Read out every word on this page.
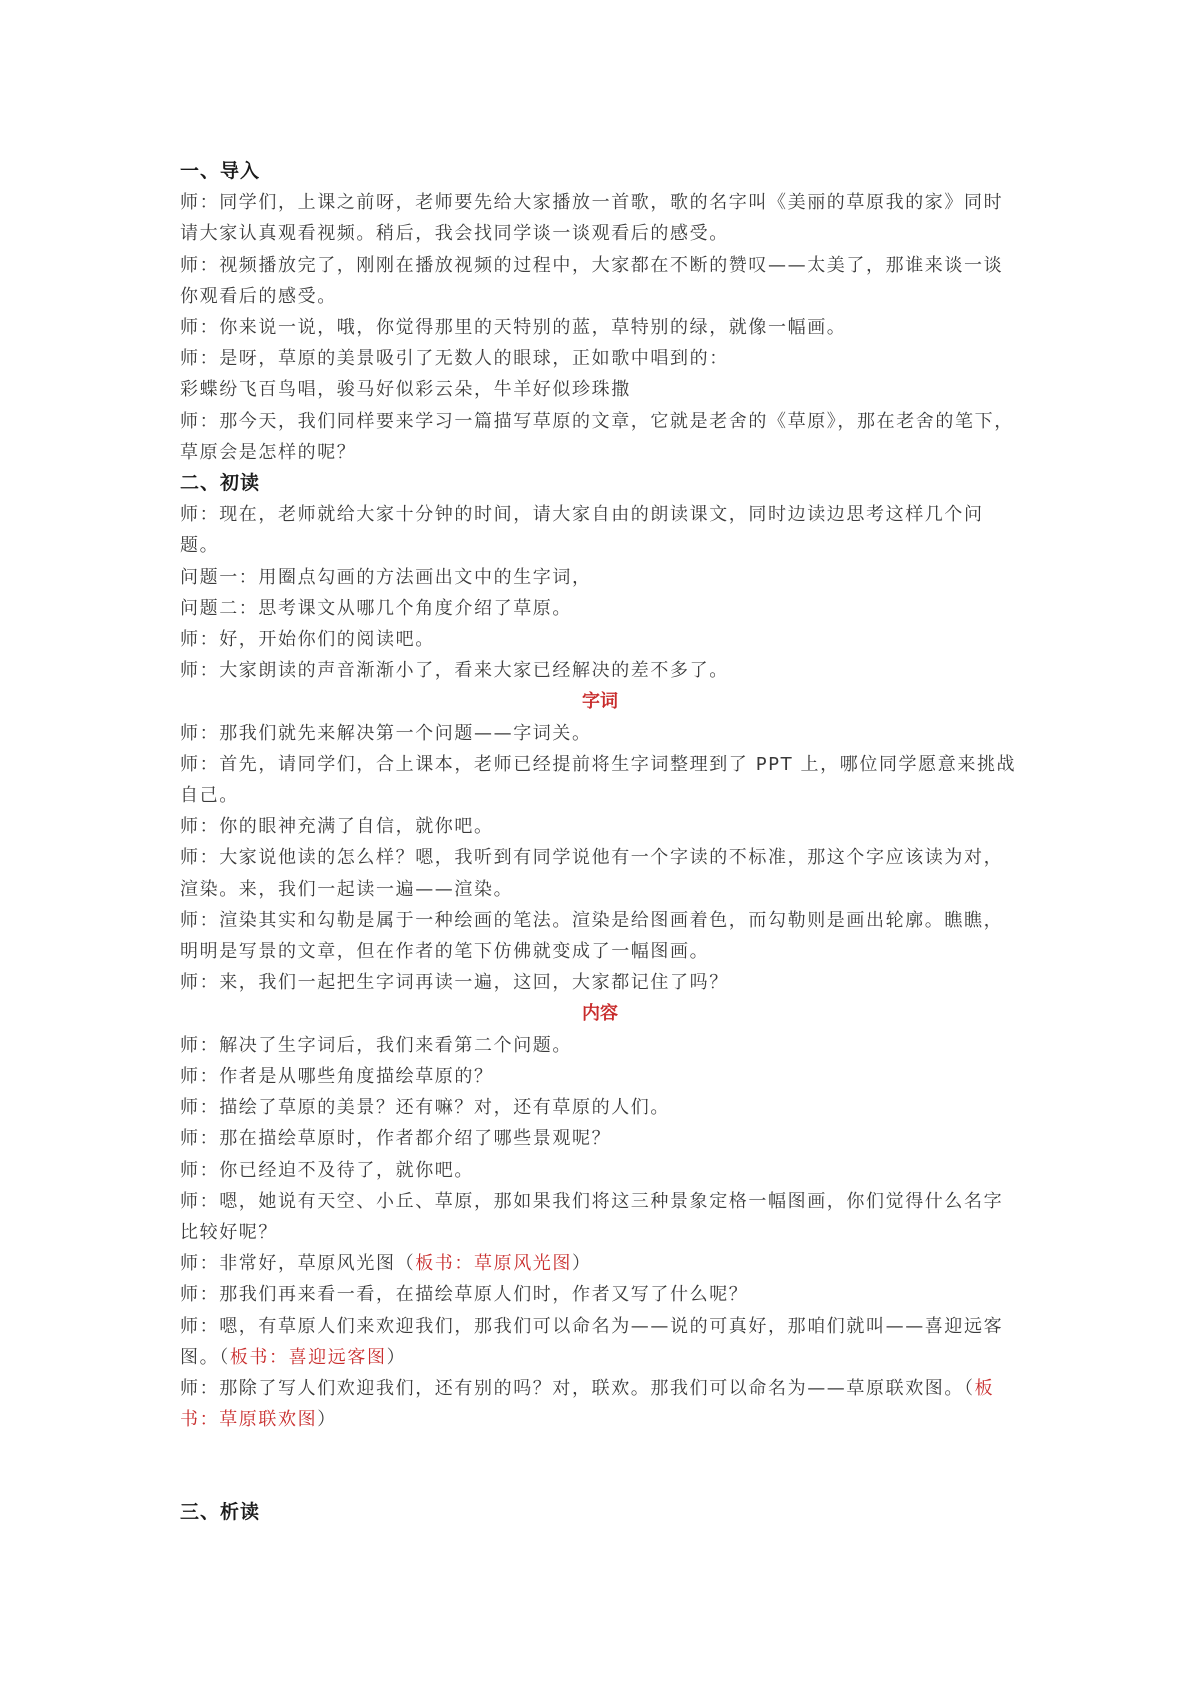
一、导入

师：同学们，上课之前呀，老师要先给大家播放一首歌，歌的名字叫《美丽的草原我的家》同时请大家认真观看视频。稍后，我会找同学谈一谈观看后的感受。

师：视频播放完了，刚刚在播放视频的过程中，大家都在不断的赞叹——太美了，那谁来谈一谈你观看后的感受。

师：你来说一说，哦，你觉得那里的天特别的蓝，草特别的绿，就像一幅画。

师：是呀，草原的美景吸引了无数人的眼球，正如歌中唱到的：

彩蝶纷飞百鸟唱，骏马好似彩云朵，牛羊好似珍珠撒

师：那今天，我们同样要来学习一篇描写草原的文章，它就是老舍的《草原》，那在老舍的笔下，草原会是怎样的呢？

二、初读

师：现在，老师就给大家十分钟的时间，请大家自由的朗读课文，同时边读边思考这样几个问题。

问题一：用圈点勾画的方法画出文中的生字词，

问题二：思考课文从哪几个角度介绍了草原。

师：好，开始你们的阅读吧。

师：大家朗读的声音渐渐小了，看来大家已经解决的差不多了。

字词

师：那我们就先来解决第一个问题——字词关。

师：首先，请同学们，合上课本，老师已经提前将生字词整理到了 PPT 上，哪位同学愿意来挑战自己。

师：你的眼神充满了自信，就你吧。

师：大家说他读的怎么样？嗯，我听到有同学说他有一个字读的不标准，那这个字应该读为对，渲染。来，我们一起读一遍——渲染。

师：渲染其实和勾勒是属于一种绘画的笔法。渲染是给图画着色，而勾勒则是画出轮廓。瞧瞧，明明是写景的文章，但在作者的笔下仿佛就变成了一幅图画。

师：来，我们一起把生字词再读一遍，这回，大家都记住了吗？

内容

师：解决了生字词后，我们来看第二个问题。

师：作者是从哪些角度描绘草原的？

师：描绘了草原的美景？还有嘛？对，还有草原的人们。

师：那在描绘草原时，作者都介绍了哪些景观呢？

师：你已经迫不及待了，就你吧。

师：嗯，她说有天空、小丘、草原，那如果我们将这三种景象定格一幅图画，你们觉得什么名字比较好呢？

师：非常好，草原风光图（板书：草原风光图）

师：那我们再来看一看，在描绘草原人们时，作者又写了什么呢？

师：嗯，有草原人们来欢迎我们，那我们可以命名为——说的可真好，那咱们就叫——喜迎远客图。（板书：喜迎远客图）

师：那除了写人们欢迎我们，还有别的吗？对，联欢。那我们可以命名为——草原联欢图。（板书：草原联欢图）

三、析读
